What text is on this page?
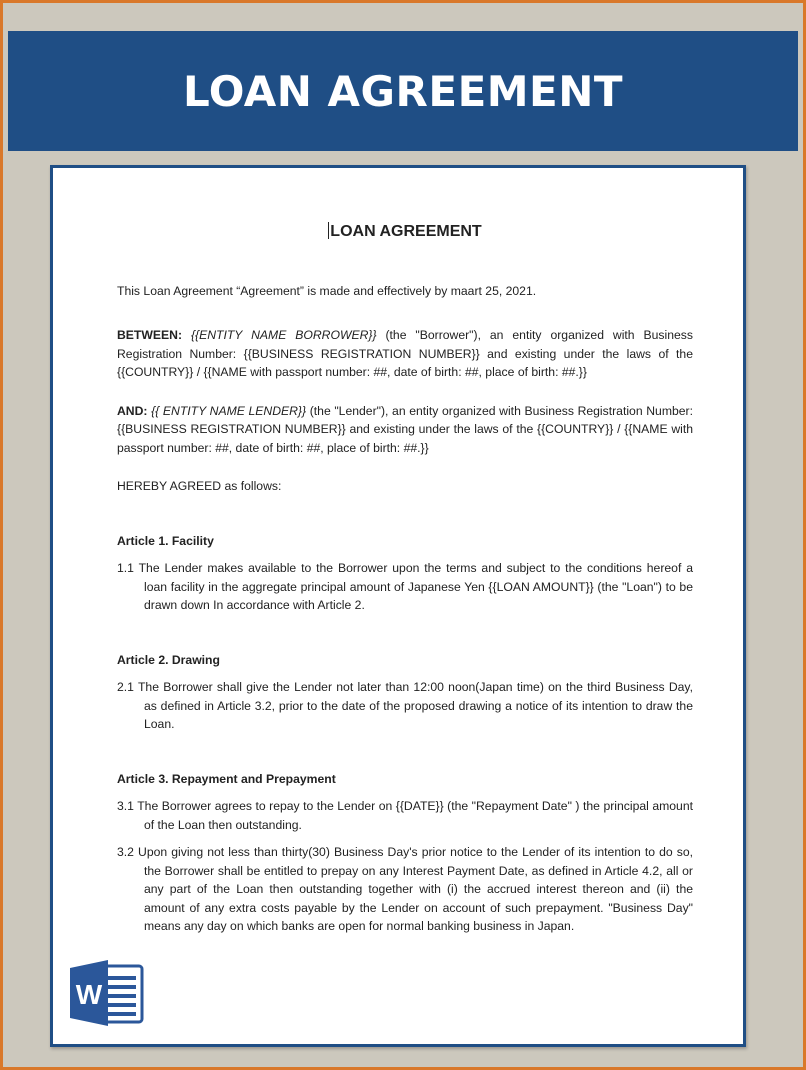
LOAN AGREEMENT
LOAN AGREEMENT
This Loan Agreement “Agreement” is made and effectively by maart 25, 2021.
BETWEEN: {{ENTITY NAME BORROWER}} (the "Borrower"), an entity organized with Business Registration Number: {{BUSINESS REGISTRATION NUMBER}} and existing under the laws of the {{COUNTRY}} / {{NAME with passport number: ##, date of birth: ##, place of birth: ##.}}
AND: {{ ENTITY NAME LENDER}} (the "Lender"), an entity organized with Business Registration Number: {{BUSINESS REGISTRATION NUMBER}} and existing under the laws of the {{COUNTRY}} / {{NAME with passport number: ##, date of birth: ##, place of birth: ##.}}
HEREBY AGREED as follows:
Article 1. Facility
1.1 The Lender makes available to the Borrower upon the terms and subject to the conditions hereof a loan facility in the aggregate principal amount of Japanese Yen {{LOAN AMOUNT}} (the "Loan") to be drawn down In accordance with Article 2.
Article 2. Drawing
2.1 The Borrower shall give the Lender not later than 12:00 noon(Japan time) on the third Business Day, as defined in Article 3.2, prior to the date of the proposed drawing a notice of its intention to draw the Loan.
Article 3. Repayment and Prepayment
3.1 The Borrower agrees to repay to the Lender on {{DATE}} (the "Repayment Date" ) the principal amount of the Loan then outstanding.
3.2 Upon giving not less than thirty(30) Business Day's prior notice to the Lender of its intention to do so, the Borrower shall be entitled to prepay on any Interest Payment Date, as defined in Article 4.2, all or any part of the Loan then outstanding together with (i) the accrued interest thereon and (ii) the amount of any extra costs payable by the Lender on account of such prepayment. "Business Day" means any day on which banks are open for normal banking business in Japan.
W
